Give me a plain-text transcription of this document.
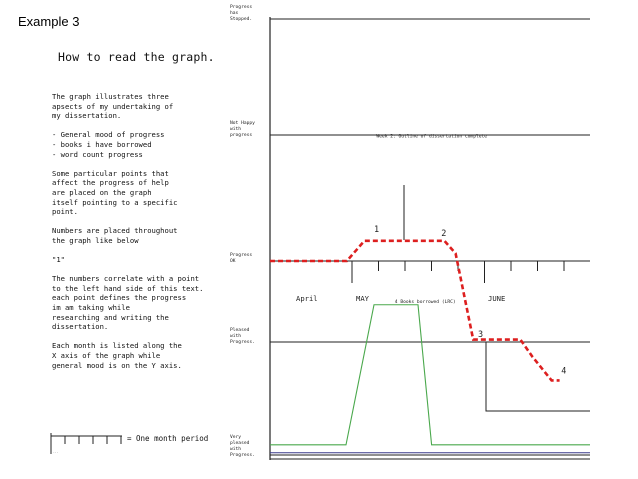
Example 3
How to read the graph.

The graph illustrates three
apsects of my undertaking of
my dissertation.

- General mood of progress
- books i have borrowed
- word count progress

Some particular points that
affect the progress of help
are placed on the graph
itself pointing to a specific
point.

Numbers are placed throughout
the graph like below

"1"

The numbers correlate with a point
to the left hand side of this text.
each point defines the progress
im am taking while
researching and writing the
dissertation.

Each month is listed along the
X axis of the graph while
general mood is on the Y axis.

...
= One month period	Very pleased with Progress.
Pleased with Progress.
Progress OK
Not Happy with progress
Progress has Stopped.
April	MAY	JUNE
Week 2: Outline of dissertation complete
1	2
3
4
4 Books borrowed (LRC)
